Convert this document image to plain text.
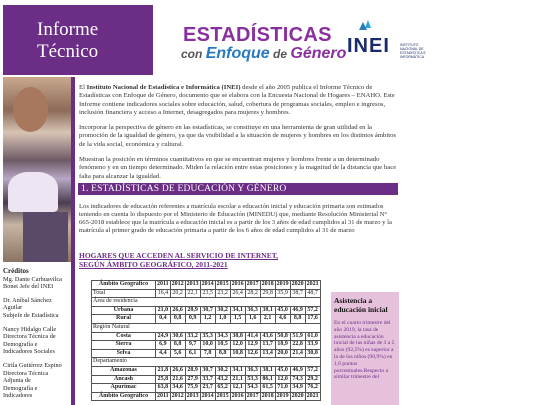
Informe
Técnico
ESTADÍSTICAS
con Enfoque de Género INEI	INSTITUTO NACIONAL DE ESTADÍSTICA E INFORMÁTICA
Créditos

Mg. Dante Carhuavilca
Bonet Jefe del INEI

Dr. Aníbal Sánchez
Aguilar
Subjefe de Estadística

Nancy Hidalgo Calle
Directora Técnica de
Demografía e
Indicadores Sociales

Cirila Gutiérrez Espino
Directora Técnica
Adjunta de
Demografía e
Indicadores

El Instituto Nacional de Estadística e Informática (INEI) desde el año 2005 publica el Informe Técnico de Estadísticas con Enfoque de Género, documento que se elabora con la Encuesta Nacional de Hogares – ENAHO. Este Informe contiene indicadores sociales sobre educación, salud, cobertura de programas sociales, empleo e ingresos, inclusión financiera y acceso a Internet, desagregados para mujeres y hombres.

Incorporar la perspectiva de género en las estadísticas, se constituye en una herramienta de gran utilidad en la promoción de la igualdad de género, ya que da visibilidad a la situación de mujeres y hombres en los distintos ámbitos de la vida social, económica y cultural.

Muestran la posición en términos cuantitativos en que se encuentran mujeres y hombres frente a un determinado fenómeno y en un tiempo determinado. Miden la relación entre estas posiciones y la magnitud de la distancia que hace falta para alcanzar la igualdad.

1. ESTADÍSTICAS DE EDUCACIÓN Y GÉNERO
Los indicadores de educación referentes a matrícula escolar a educación inicial y educación primaria son estimados teniendo en cuenta lo dispuesto por el Ministerio de Educación (MINEDU) que, mediante Resolución Ministerial N° 665-2018 establece que la matrícula a educación inicial es a partir de los 3 años de edad cumplidos al 31 de marzo y la matrícula al primer grado de educación primaria a partir de los 6 años de edad cumplidos al 31 de marzo
HOGARES QUE ACCEDEN AL SERVICIO DE INTERNET, SEGÚN ÁMBITO GEOGRÁFICO, 2011-2021
Ámbito Geográfico	2011	2012	2013	2014	2015	2016	2017	2018	2019	2020	2021
Total	16,4	20,2	22,1	23,5	23,2	26,4	28,2	29,8	35,9	38,7	48,7
Área de residencia											
Urbana	21,0	26,6	28,9	30,7	30,2	34,1	36,3	38,1	45,0	46,9	57,2
Rural	0,4	0,8	0,9	1,2	1,0	1,5	1,6	2,1	4,6	8,8	17,6
Región Natural											
Costa	24,9	30,6	33,2	35,3	34,3	38,8	41,4	43,6	50,8	51,9	61,0
Sierra	6,9	8,8	9,7	10,0	10,5	12,0	12,9	13,7	18,9	22,8	33,9
Selva	4,4	5,6	6,1	7,8	8,8	10,8	12,6	13,4	20,0	21,4	30,8
Departamento											
Amazonas	21,8	26,6	28,9	30,7	30,2	34,1	36,3	38,1	45,0	46,9	57,2
Ancash	25,8	21,6	27,9	33,7	43,2	21,1	53,3	86,1	12,0	74,3	29,2
Apurimac	63,8	34,6	75,9	23,7	65,2	12,1	54,3	61,5	71,0	34,9	76,2
Ámbito Geográfico	2011	2012	2013	2014	2015	2016	2017	2018	2019	2020	2021
Asistencia a educación inicial
En el cuarto trimestre del año 2019, la tasa de asistencia a educación inicial de las niñas de 3 a 5 años (92,5%) es superior a la de los niños (90,9%) en 1,6 puntos porcentuales.Respecto a similar trimestre del
